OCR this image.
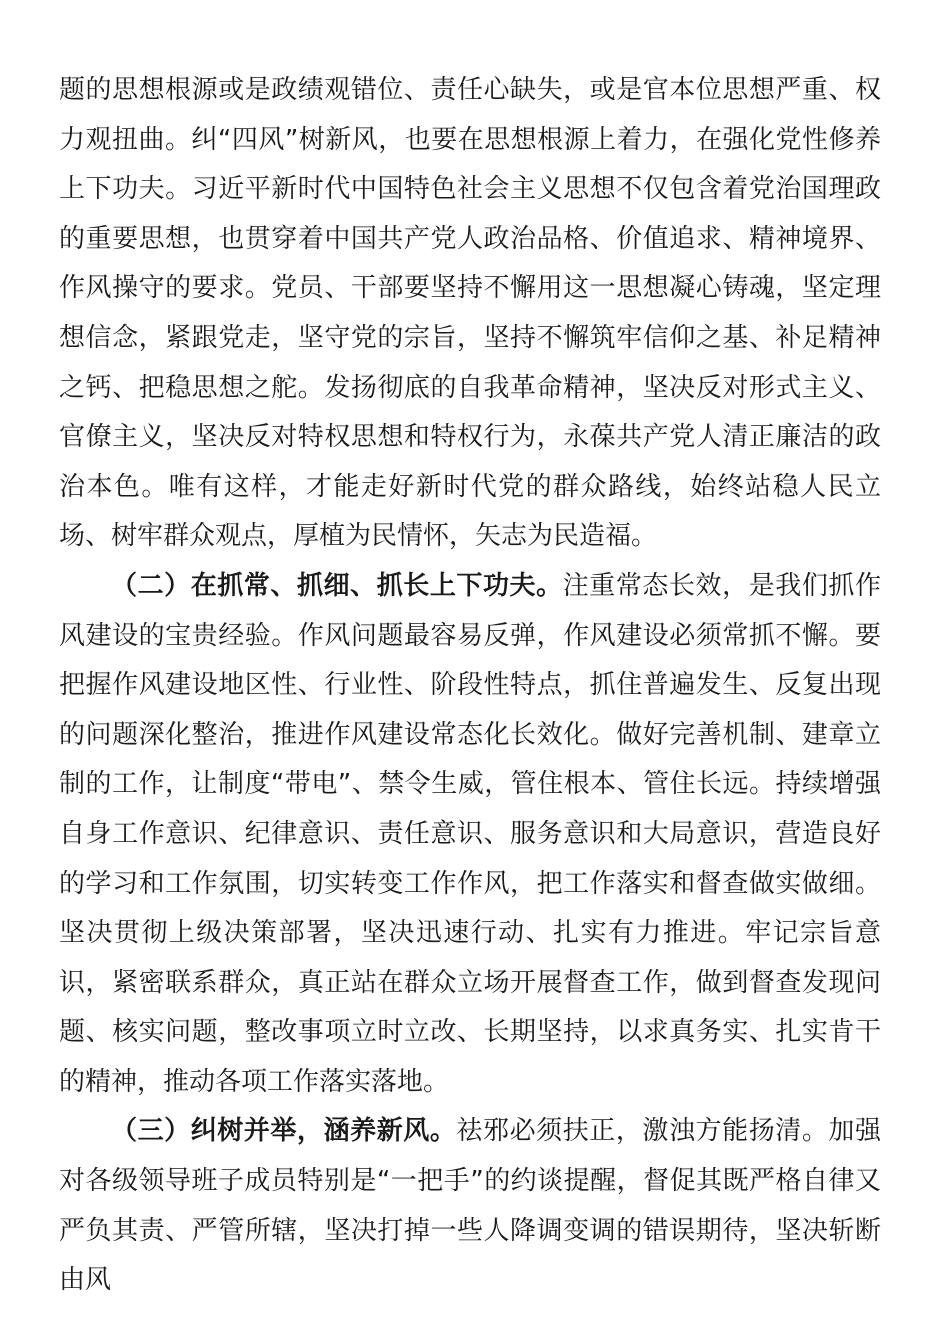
题的思想根源或是政绩观错位、责任心缺失，或是官本位思想严重、权力观扭曲。纠“四风”树新风，也要在思想根源上着力，在强化党性修养上下功夫。习近平新时代中国特色社会主义思想不仅包含着党治国理政的重要思想，也贯穿着中国共产党人政治品格、价值追求、精神境界、作风操守的要求。党员、干部要坚持不懈用这一思想凝心铸魂，坚定理想信念，紧跟党走，坚守党的宗旨，坚持不懈筑牢信仰之基、补足精神之钙、把稳思想之舵。发扬彻底的自我革命精神，坚决反对形式主义、官僚主义，坚决反对特权思想和特权行为，永葆共产党人清正廉洁的政治本色。唯有这样，才能走好新时代党的群众路线，始终站稳人民立场、树牢群众观点，厚植为民情怀，矢志为民造福。

（二）在抓常、抓细、抓长上下功夫。注重常态长效，是我们抓作风建设的宝贵经验。作风问题最容易反弹，作风建设必须常抓不懈。要把握作风建设地区性、行业性、阶段性特点，抓住普遍发生、反复出现的问题深化整治，推进作风建设常态化长效化。做好完善机制、建章立制的工作，让制度“带电”、禁令生威，管住根本、管住长远。持续增强自身工作意识、纪律意识、责任意识、服务意识和大局意识，营造良好的学习和工作氛围，切实转变工作作风，把工作落实和督查做实做细。坚决贯彻上级决策部署，坚决迅速行动、扎实有力推进。牢记宗旨意识，紧密联系群众，真正站在群众立场开展督查工作，做到督查发现问题、核实问题，整改事项立时立改、长期坚持，以求真务实、扎实肯干的精神，推动各项工作落实落地。

（三）纠树并举，涵养新风。祛邪必须扶正，激浊方能扬清。加强对各级领导班子成员特别是“一把手”的约谈提醒，督促其既严格自律又严负其责、严管所辖，坚决打掉一些人降调变调的错误期待，坚决斩断由风
